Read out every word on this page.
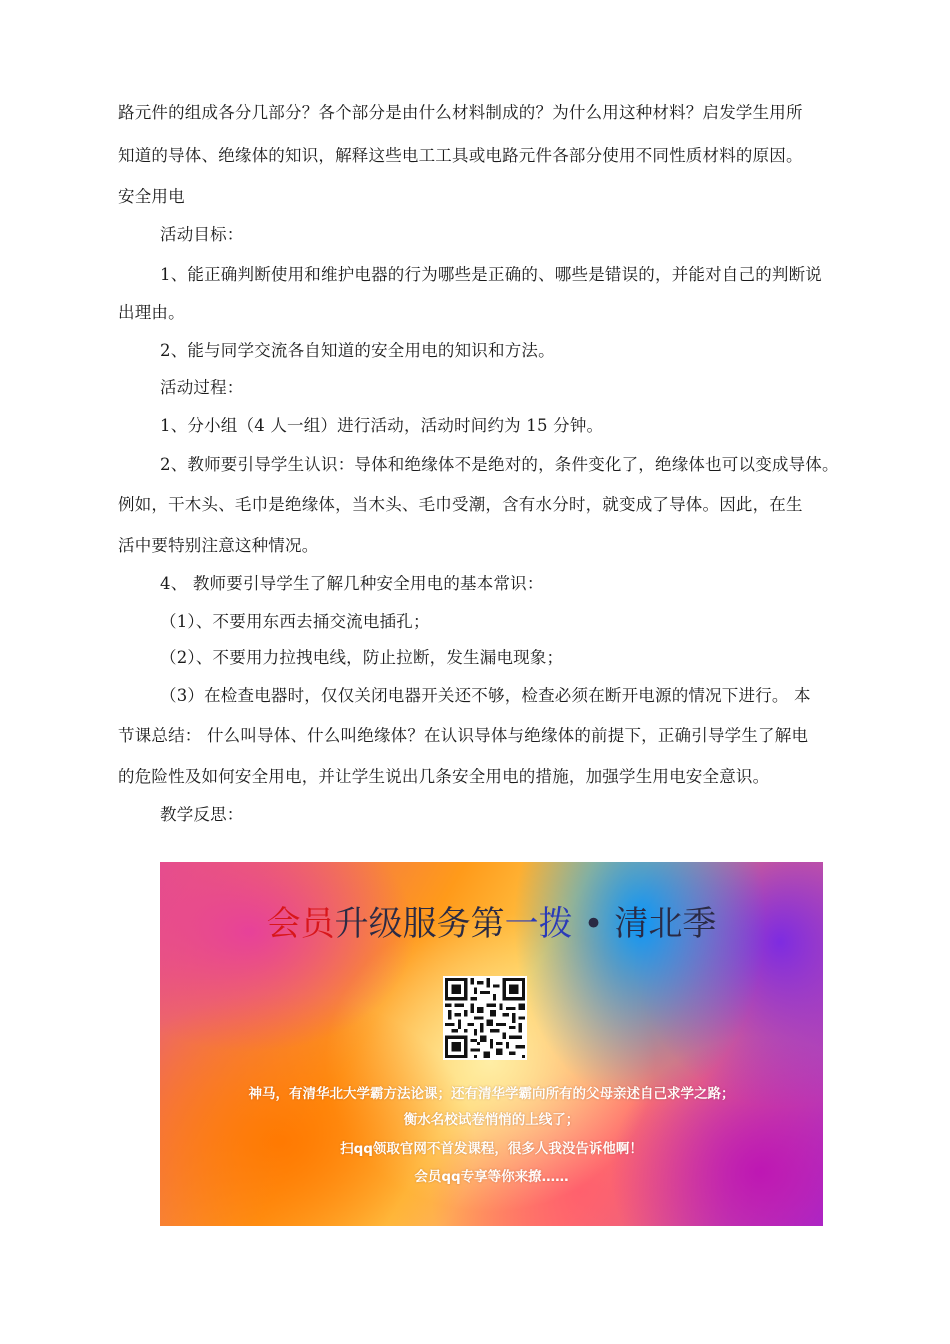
路元件的组成各分几部分？各个部分是由什么材料制成的？为什么用这种材料？启发学生用所
知道的导体、绝缘体的知识，解释这些电工工具或电路元件各部分使用不同性质材料的原因。
安全用电
活动目标：
1、能正确判断使用和维护电器的行为哪些是正确的、哪些是错误的，并能对自己的判断说
出理由。
2、能与同学交流各自知道的安全用电的知识和方法。
活动过程：
1、分小组（4 人一组）进行活动，活动时间约为 15 分钟。
2、教师要引导学生认识：导体和绝缘体不是绝对的，条件变化了，绝缘体也可以变成导体。
例如，干木头、毛巾是绝缘体，当木头、毛巾受潮，含有水分时，就变成了导体。因此，在生
活中要特别注意这种情况。
4、 教师要引导学生了解几种安全用电的基本常识：
（1）、不要用东西去捅交流电插孔；
（2）、不要用力拉拽电线，防止拉断，发生漏电现象；
（3）在检查电器时，仅仅关闭电器开关还不够，检查必须在断开电源的情况下进行。 本
节课总结： 什么叫导体、什么叫绝缘体？在认识导体与绝缘体的前提下，正确引导学生了解电
的危险性及如何安全用电，并让学生说出几条安全用电的措施，加强学生用电安全意识。
教学反思：
会员升级服务第一拨 • 清北季
神马，有清华北大学霸方法论课；还有清华学霸向所有的父母亲述自己求学之路；
衡水名校试卷悄悄的上线了；
扫qq领取官网不首发课程，很多人我没告诉他啊！
会员qq专享等你来撩……
